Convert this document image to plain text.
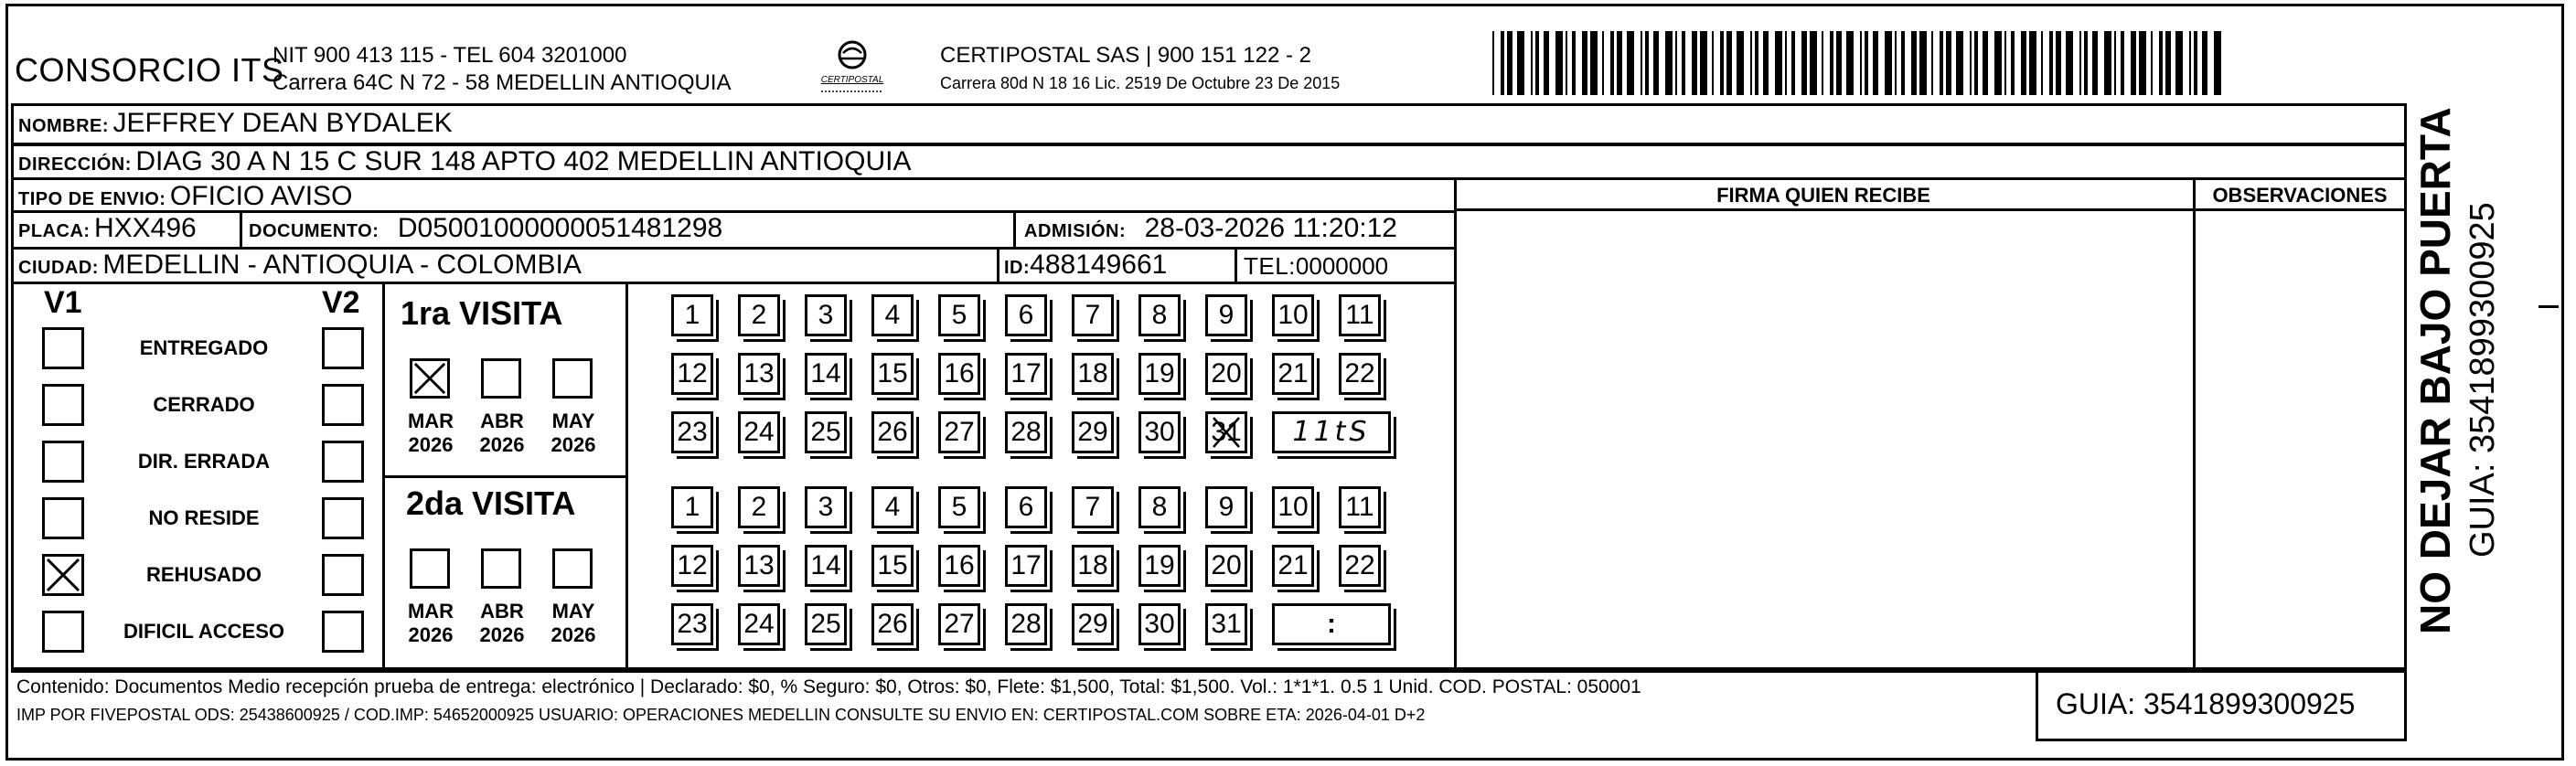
CONSORCIO ITS
NIT 900 413 115 - TEL 604 3201000
Carrera 64C N 72 - 58 MEDELLIN ANTIOQUIA	CERTIPOSTAL
CERTIPOSTAL SAS | 900 151 122 - 2
Carrera 80d N 18 16 Lic. 2519 De Octubre 23 De 2015
NOMBRE: JEFFREY DEAN BYDALEK
DIRECCIÓN: DIAG 30 A N 15 C SUR 148 APTO 402 MEDELLIN ANTIOQUIA
FIRMA QUIEN RECIBE	OBSERVACIONES
TIPO DE ENVIO: OFICIO AVISO
PLACA: HXX496	DOCUMENTO: D05001000000051481298	ADMISIÓN: 28-03-2026 11:20:12
CIUDAD: MEDELLIN - ANTIOQUIA - COLOMBIA	ID:488149661	TEL:0000000
V1	V2
ENTREGADO
CERRADO
DIR. ERRADA
NO RESIDE
REHUSADO
DIFICIL ACCESO
1ra VISITA
2da VISITA
MAR
2026
ABR
2026
MAY
2026
MAR
2026
ABR
2026
MAY
2026
1	2	3	4	5	6	7	8	9	10 11
12 13 14 15 16 17 18 19 20 21 22
23 24 25 26 27 28 29 30 31	11tS
1	2	3	4	5	6	7	8	9	10 11
12 13 14 15 16 17 18 19 20 21 22
23 24 25 26 27 28 29 30 31	:
Contenido: Documentos Medio recepción prueba de entrega: electrónico | Declarado: $0, % Seguro: $0, Otros: $0, Flete: $1,500, Total: $1,500. Vol.: 1*1*1. 0.5 1 Unid. COD. POSTAL: 050001
IMP POR FIVEPOSTAL ODS: 25438600925 / COD.IMP: 54652000925 USUARIO: OPERACIONES MEDELLIN CONSULTE SU ENVIO EN: CERTIPOSTAL.COM SOBRE ETA: 2026-04-01 D+2	GUIA: 3541899300925
NO DEJAR BAJO PUERTA GUIA: 3541899300925
